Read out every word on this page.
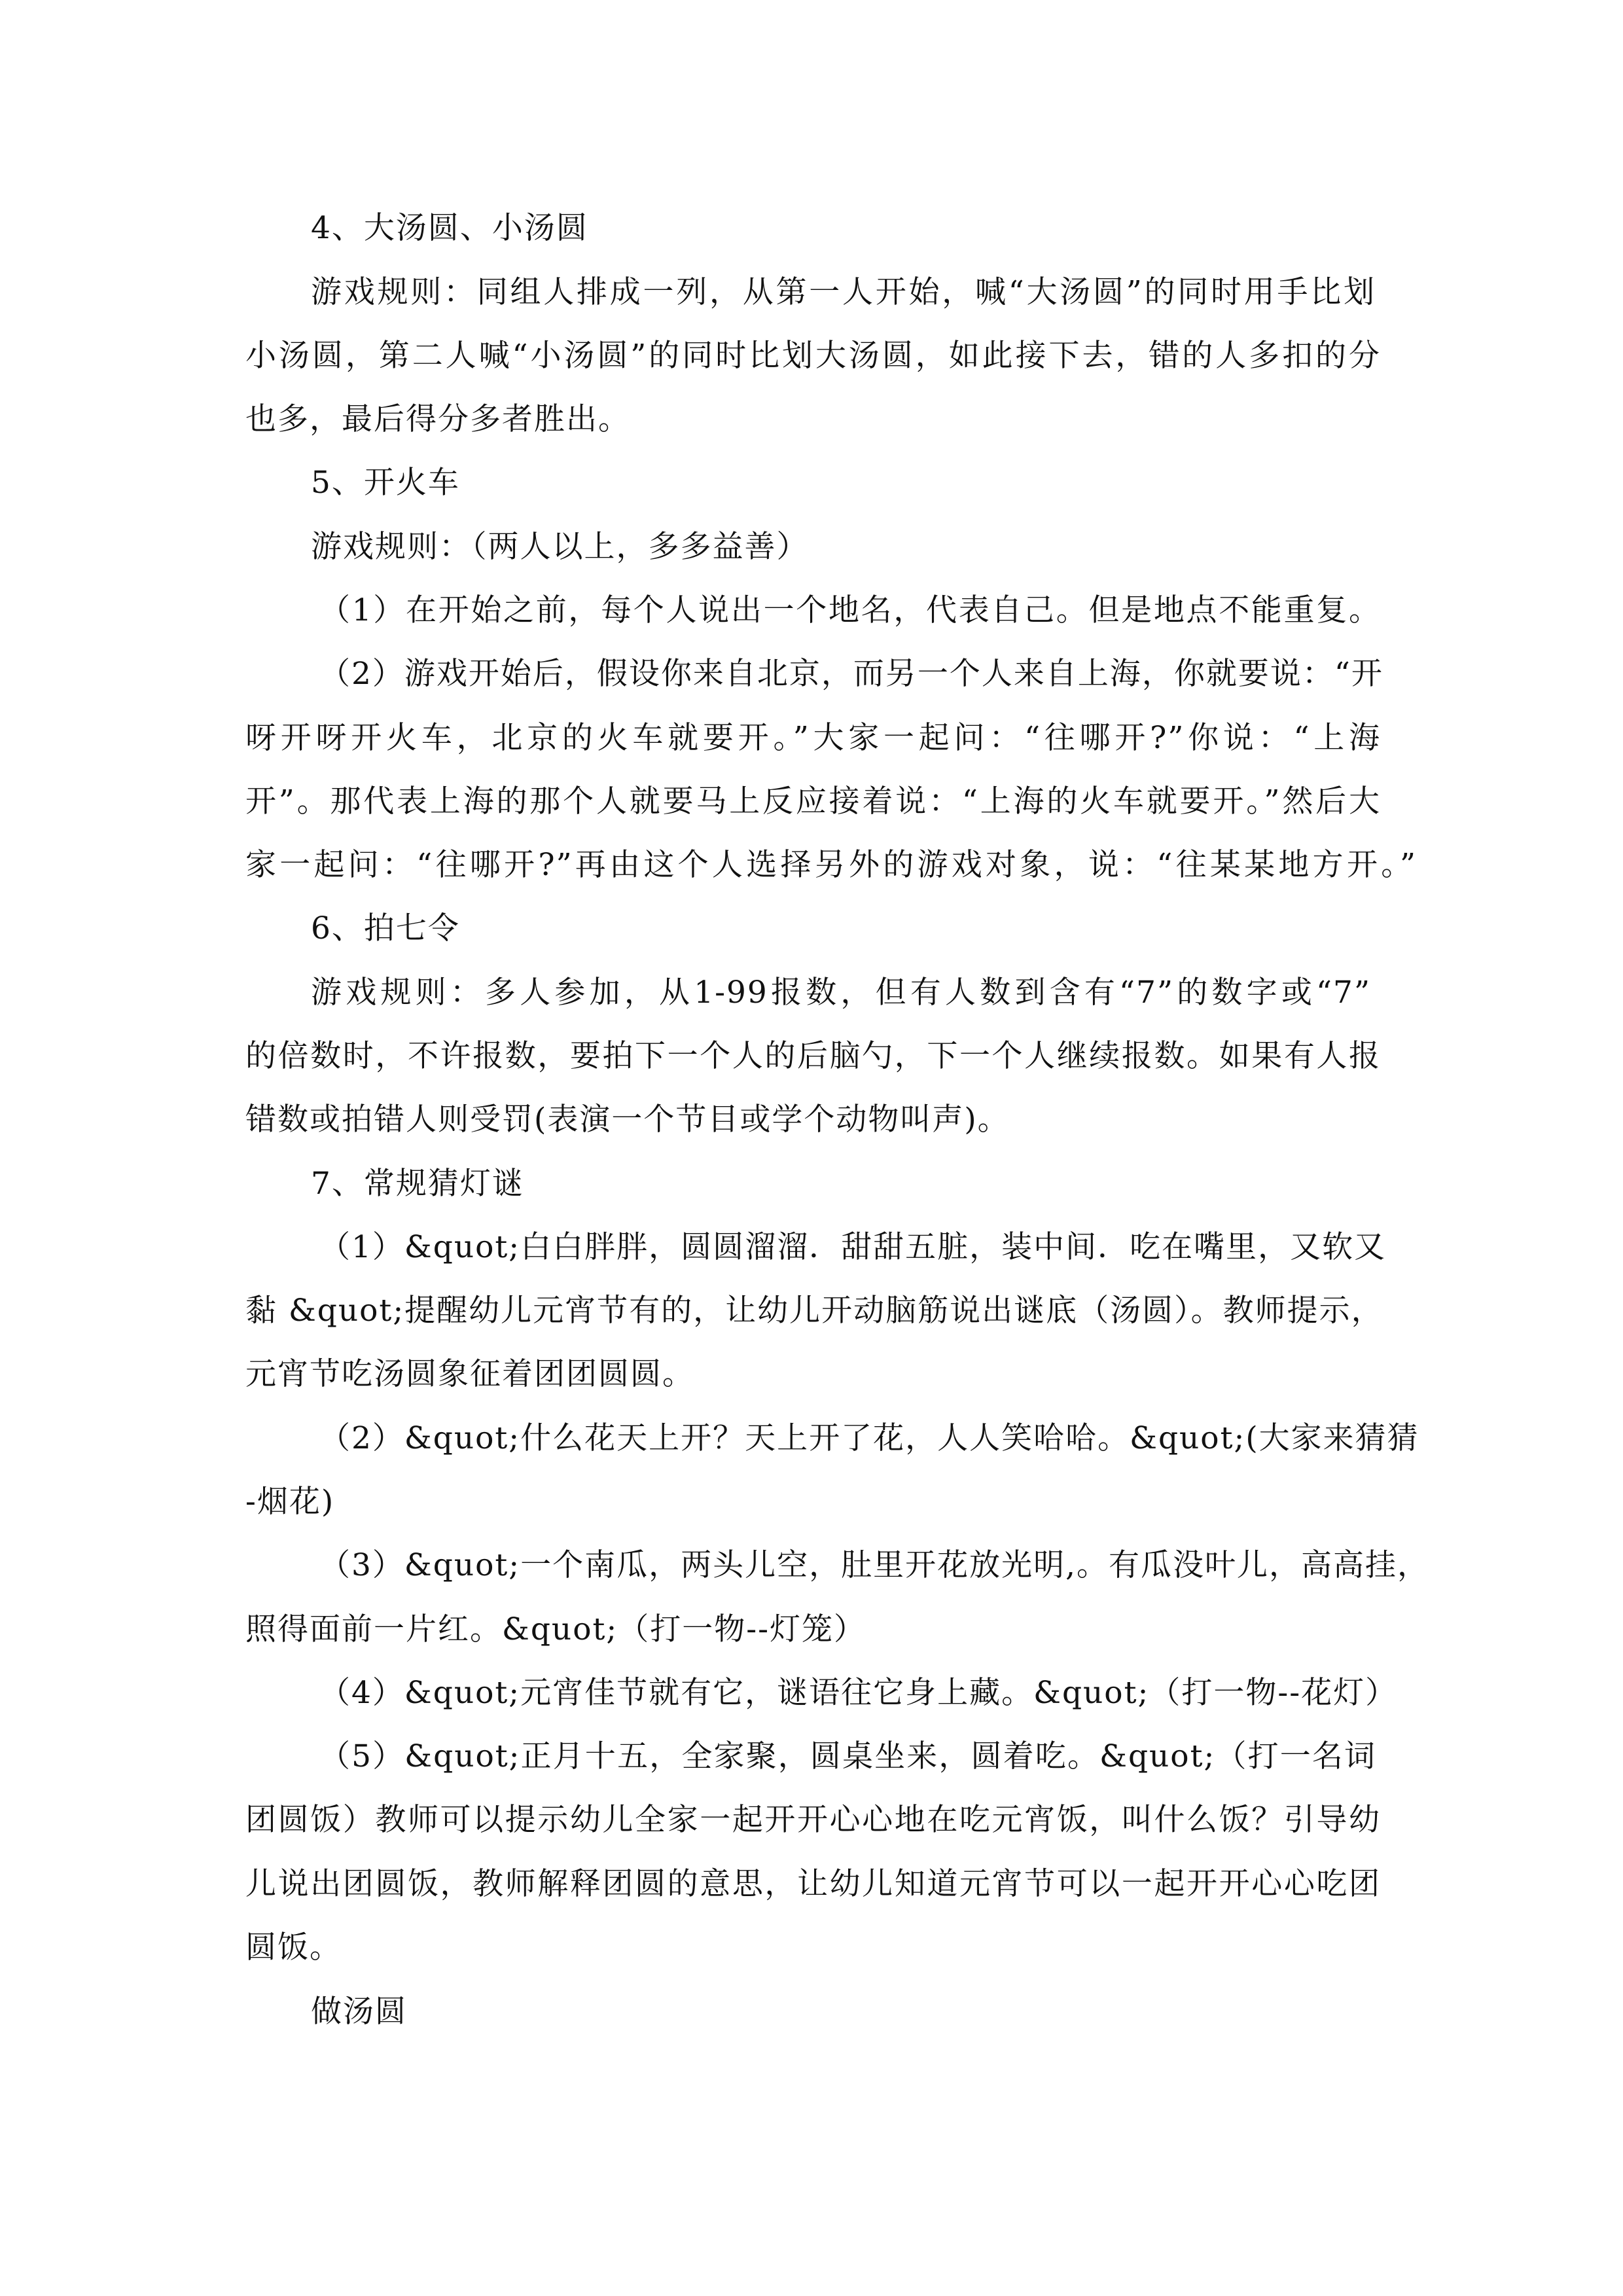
4、大汤圆、小汤圆
游戏规则：同组人排成一列，从第一人开始，喊“大汤圆”的同时用手比划
小汤圆，第二人喊“小汤圆”的同时比划大汤圆，如此接下去，错的人多扣的分
也多，最后得分多者胜出。
5、开火车
游戏规则：（两人以上，多多益善）
（1）在开始之前，每个人说出一个地名，代表自己。但是地点不能重复。
（2）游戏开始后，假设你来自北京，而另一个人来自上海，你就要说：“开
呀开呀开火车，北京的火车就要开。”大家一起问：“往哪开?”你说：“上海
开”。那代表上海的那个人就要马上反应接着说：“上海的火车就要开。”然后大
家一起问：“往哪开?”再由这个人选择另外的游戏对象，说：“往某某地方开。”
6、拍七令
游戏规则：多人参加，从1-99报数，但有人数到含有“7”的数字或“7”
的倍数时，不许报数，要拍下一个人的后脑勺，下一个人继续报数。如果有人报
错数或拍错人则受罚(表演一个节目或学个动物叫声)。
7、常规猜灯谜
（1）&quot;白白胖胖，圆圆溜溜．甜甜五脏，装中间．吃在嘴里，又软又
黏 &quot;提醒幼儿元宵节有的，让幼儿开动脑筋说出谜底（汤圆）。教师提示，
元宵节吃汤圆象征着团团圆圆。
（2）&quot;什么花天上开？天上开了花，人人笑哈哈。&quot;(大家来猜猜
-烟花)
（3）&quot;一个南瓜，两头儿空，肚里开花放光明,。有瓜没叶儿，高高挂，
照得面前一片红。&quot;（打一物--灯笼）
（4）&quot;元宵佳节就有它，谜语往它身上藏。&quot;（打一物--花灯）
（5）&quot;正月十五，全家聚，圆桌坐来，圆着吃。&quot;（打一名词
团圆饭）教师可以提示幼儿全家一起开开心心地在吃元宵饭，叫什么饭？引导幼
儿说出团圆饭，教师解释团圆的意思，让幼儿知道元宵节可以一起开开心心吃团
圆饭。
做汤圆
